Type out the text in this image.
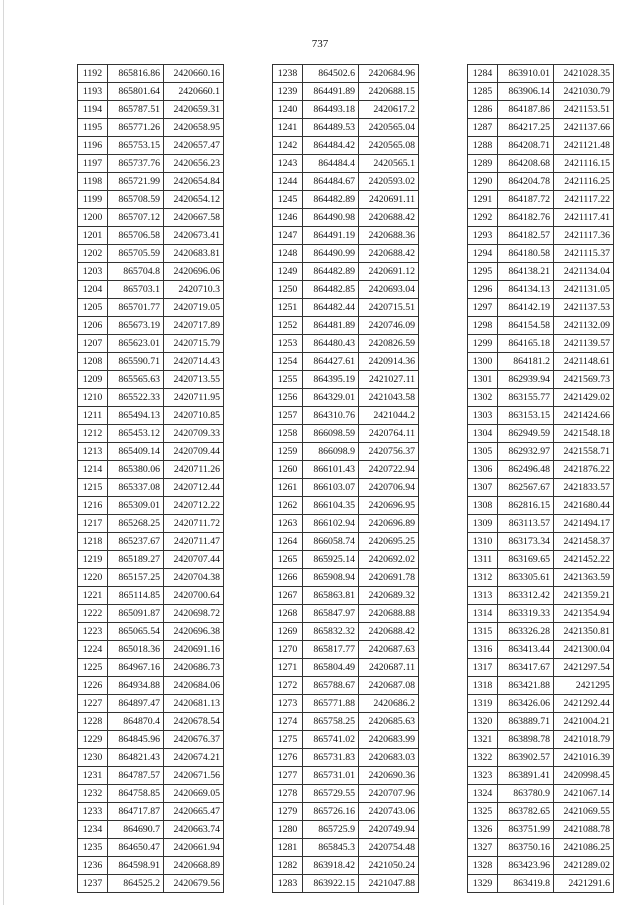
737
1192	865816.86	2420660.16
1193	865801.64	2420660.1
1194	865787.51	2420659.31
1195	865771.26	2420658.95
1196	865753.15	2420657.47
1197	865737.76	2420656.23
1198	865721.99	2420654.84
1199	865708.59	2420654.12
1200	865707.12	2420667.58
1201	865706.58	2420673.41
1202	865705.59	2420683.81
1203	865704.8	2420696.06
1204	865703.1	2420710.3
1205	865701.77	2420719.05
1206	865673.19	2420717.89
1207	865623.01	2420715.79
1208	865590.71	2420714.43
1209	865565.63	2420713.55
1210	865522.33	2420711.95
1211	865494.13	2420710.85
1212	865453.12	2420709.33
1213	865409.14	2420709.44
1214	865380.06	2420711.26
1215	865337.08	2420712.44
1216	865309.01	2420712.22
1217	865268.25	2420711.72
1218	865237.67	2420711.47
1219	865189.27	2420707.44
1220	865157.25	2420704.38
1221	865114.85	2420700.64
1222	865091.87	2420698.72
1223	865065.54	2420696.38
1224	865018.36	2420691.16
1225	864967.16	2420686.73
1226	864934.88	2420684.06
1227	864897.47	2420681.13
1228	864870.4	2420678.54
1229	864845.96	2420676.37
1230	864821.43	2420674.21
1231	864787.57	2420671.56
1232	864758.85	2420669.05
1233	864717.87	2420665.47
1234	864690.7	2420663.74
1235	864650.47	2420661.94
1236	864598.91	2420668.89
1237	864525.2	2420679.56
1238	864502.6	2420684.96
1239	864491.89	2420688.15
1240	864493.18	2420617.2
1241	864489.53	2420565.04
1242	864484.42	2420565.08
1243	864484.4	2420565.1
1244	864484.67	2420593.02
1245	864482.89	2420691.11
1246	864490.98	2420688.42
1247	864491.19	2420688.36
1248	864490.99	2420688.42
1249	864482.89	2420691.12
1250	864482.85	2420693.04
1251	864482.44	2420715.51
1252	864481.89	2420746.09
1253	864480.43	2420826.59
1254	864427.61	2420914.36
1255	864395.19	2421027.11
1256	864329.01	2421043.58
1257	864310.76	2421044.2
1258	866098.59	2420764.11
1259	866098.9	2420756.37
1260	866101.43	2420722.94
1261	866103.07	2420706.94
1262	866104.35	2420696.95
1263	866102.94	2420696.89
1264	866058.74	2420695.25
1265	865925.14	2420692.02
1266	865908.94	2420691.78
1267	865863.81	2420689.32
1268	865847.97	2420688.88
1269	865832.32	2420688.42
1270	865817.77	2420687.63
1271	865804.49	2420687.11
1272	865788.67	2420687.08
1273	865771.88	2420686.2
1274	865758.25	2420685.63
1275	865741.02	2420683.99
1276	865731.83	2420683.03
1277	865731.01	2420690.36
1278	865729.55	2420707.96
1279	865726.16	2420743.06
1280	865725.9	2420749.94
1281	865845.3	2420754.48
1282	863918.42	2421050.24
1283	863922.15	2421047.88
1284	863910.01	2421028.35
1285	863906.14	2421030.79
1286	864187.86	2421153.51
1287	864217.25	2421137.66
1288	864208.71	2421121.48
1289	864208.68	2421116.15
1290	864204.78	2421116.25
1291	864187.72	2421117.22
1292	864182.76	2421117.41
1293	864182.57	2421117.36
1294	864180.58	2421115.37
1295	864138.21	2421134.04
1296	864134.13	2421131.05
1297	864142.19	2421137.53
1298	864154.58	2421132.09
1299	864165.18	2421139.57
1300	864181.2	2421148.61
1301	862939.94	2421569.73
1302	863155.77	2421429.02
1303	863153.15	2421424.66
1304	862949.59	2421548.18
1305	862932.97	2421558.71
1306	862496.48	2421876.22
1307	862567.67	2421833.57
1308	862816.15	2421680.44
1309	863113.57	2421494.17
1310	863173.34	2421458.37
1311	863169.65	2421452.22
1312	863305.61	2421363.59
1313	863312.42	2421359.21
1314	863319.33	2421354.94
1315	863326.28	2421350.81
1316	863413.44	2421300.04
1317	863417.67	2421297.54
1318	863421.88	2421295
1319	863426.06	2421292.44
1320	863889.71	2421004.21
1321	863898.78	2421018.79
1322	863902.57	2421016.39
1323	863891.41	2420998.45
1324	863780.9	2421067.14
1325	863782.65	2421069.55
1326	863751.99	2421088.78
1327	863750.16	2421086.25
1328	863423.96	2421289.02
1329	863419.8	2421291.6
